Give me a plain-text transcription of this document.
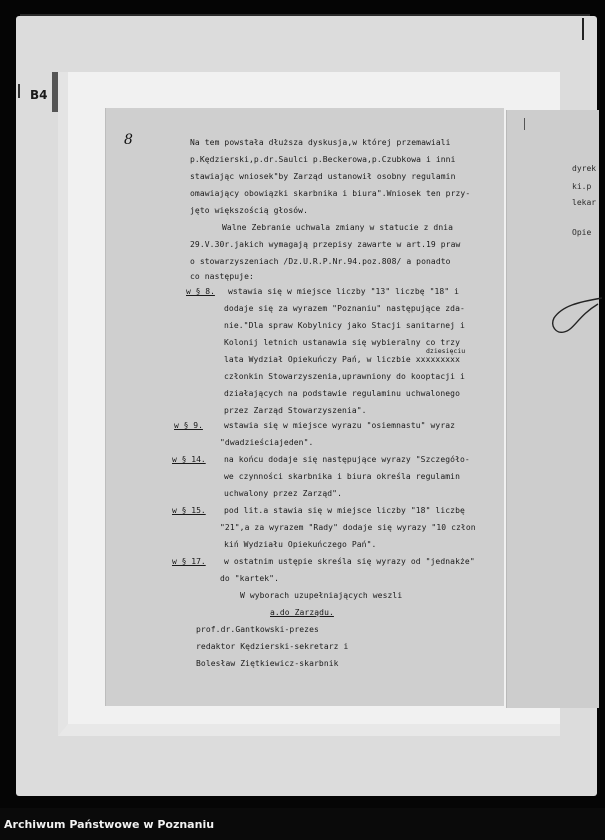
B4
dyrek
ki.p
lekar
Opie
8	Na tem powstała dłuższa dyskusja,w której przemawiali
p.Kędzierski,p.dr.Saulci p.Beckerowa,p.Czubkowa i inni
stawiając wniosek"by Zarząd ustanowił osobny regulamin
omawiający obowiązki skarbnika i biura".Wniosek ten przy-
jęto większością głosów.
Walne Zebranie uchwala zmiany w statucie z dnia
29.V.30r.jakich wymagają przepisy zawarte w art.19 praw
o stowarzyszeniach /Dz.U.R.P.Nr.94.poz.808/ a ponadto
co następuje:
w § 8. wstawia się w miejsce liczby "13" liczbę "18" i
dodaje się za wyrazem "Poznaniu" następujące zda-
nie."Dla spraw Kobylnicy jako Stacji sanitarnej i
Kolonij letnich ustanawia się wybieralny co trzy
dziesięciu
lata Wydział Opiekuńczy Pań, w liczbie xxxxxxxxx
członkin Stowarzyszenia,uprawniony do kooptacji i
działających na podstawie regulaminu uchwalonego
przez Zarząd Stowarzyszenia".
w § 9.	wstawia się w miejsce wyrazu "osiemnastu" wyraz
"dwadzieściajeden".
w § 14. na końcu dodaje się następujące wyrazy "Szczegóło-
we czynności skarbnika i biura określa regulamin
uchwalony przez Zarząd".
w § 15. pod lit.a stawia się w miejsce liczby "18" liczbę
"21",a za wyrazem "Rady" dodaje się wyrazy "10 człon
kiń Wydziału Opiekuńczego Pań".
w § 17. w ostatnim ustępie skreśla się wyrazy od "jednakże"
do "kartek".
W wyborach uzupełniających weszli
a.do Zarządu.
prof.dr.Gantkowski-prezes
redaktor Kędzierski-sekretarz i
Bolesław Ziętkiewicz-skarbnik
Archiwum Państwowe w Poznaniu
